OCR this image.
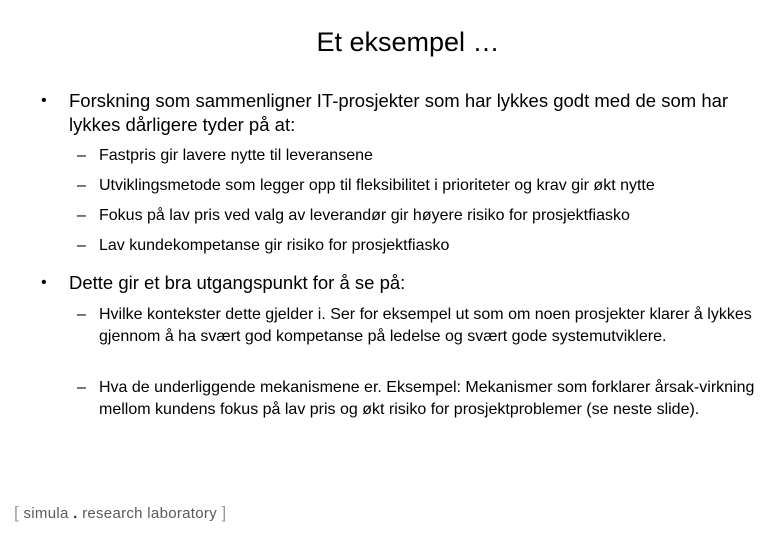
Et eksempel …
• Forskning som sammenligner IT-prosjekter som har lykkes godt med de som har lykkes dårligere tyder på at:
– Fastpris gir lavere nytte til leveransene
– Utviklingsmetode som legger opp til fleksibilitet i prioriteter og krav gir økt nytte
– Fokus på lav pris ved valg av leverandør gir høyere risiko for prosjektfiasko
– Lav kundekompetanse gir risiko for prosjektfiasko
• Dette gir et bra utgangspunkt for å se på:
– Hvilke kontekster dette gjelder i. Ser for eksempel ut som om noen prosjekter klarer å lykkes gjennom å ha svært god kompetanse på ledelse og svært gode systemutviklere.
– Hva de underliggende mekanismene er. Eksempel: Mekanismer som forklarer årsak-virkning mellom kundens fokus på lav pris og økt risiko for prosjektproblemer (se neste slide).
[ simula . research laboratory ]
